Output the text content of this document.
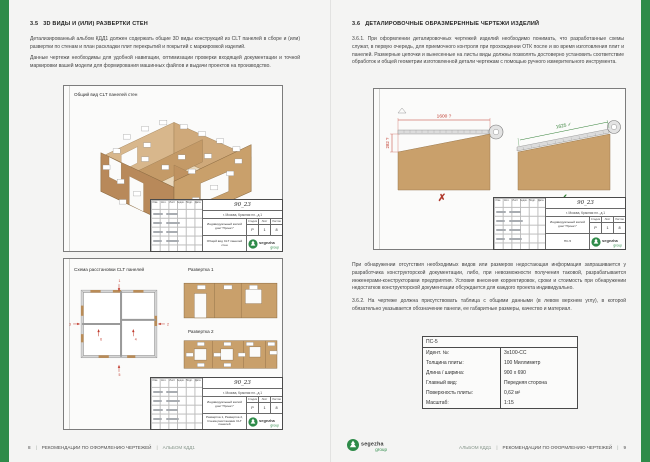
3.5 3D ВИДЫ И (ИЛИ) РАЗВЕРТКИ СТЕН
Детализированный альбом КДД1 должен содержать общие 3D виды конструкций из CLT панелей в сборе и (или) развертки по стенам и план раскладки плит перекрытий и покрытий с маркировкой изделий.
Данные чертежи необходимы для удобной навигации, оптимизации проверки входящей документации и точной маркировки вашей модели для формирования машинных файлов и выдачи проектов на производство.
Общий вид CLT панелей стен
Изм.	Кол.	Лист №док. Подп. Дата	90_23
г. Москва, Красная пл., д.1
Индивидуальный жилой дом "Проект"
Стадия	Лист	Листов
Р	1	8
Общий вид CLT панелей стен	segezha
group
Схема расстановки CLT панелей
1
2
3
4
5
6
Развертка 1
Развертка 2
Изм.	Кол.	Лист №док. Подп. Дата	90_23
г. Москва, Красная пл., д.1
Индивидуальный жилой дом "Проект"
Стадия	Лист	Листов
Р	1	8
Развертка 1, Развертка 2, Схема расстановки CLT панелей
segezha
group
8 | РЕКОМЕНДАЦИИ ПО ОФОРМЛЕНИЮ ЧЕРТЕЖЕЙ | АЛЬБОМ КДД1
3.6 ДЕТАЛИРОВОЧНЫЕ ОБРАЗМЕРЕННЫЕ ЧЕРТЕЖИ ИЗДЕЛИЙ
3.6.1. При оформлении деталировочных чертежей изделий необходимо понимать, что разработанные схемы служат, в первую очередь, для приемочного контроля при прохождении ОТК после и во время изготовления плит и панелей. Размерные цепочки и вынесенные на листы виды должны позволять достоверно установить соответствие обработок и общей геометрии изготовленной детали чертежам с помощью ручного измерительного инструмента.
1600 ?
282 ?
✗
1625 ✓
Изм.	Кол.	Лист №док. Подп. Дата	90_23
г. Москва, Красная пл., д.1
Индивидуальный жилой дом "Проект"
Стадия	Лист	Листов
Р	1	8
ПС-5	segezha
group
При обнаружении отсутствия необходимых видов или размеров недостающая информация запрашивается у разработчика конструкторской документации, либо, при невозможности получения таковой, разрабатывается инженерами-конструкторами предприятия. Условия внесения корректировок, сроки и стоимость при обнаружении недостатков конструкторской документации обсуждается для каждого проекта индивидуально.
3.6.2. На чертеже должна присутствовать таблица с общими данными (в левом верхнем углу), в которой обязательно указывается обозначение панели, ее габаритные размеры, качество и материал.
ПС-5	
Идент. №:	3x100-CC
Толщина плиты:	100 Миллиметр
Длина / ширина:	900 x 690
Главный вид:	Передняя сторона
Поверхность плиты:	0,62 м²
Масштаб:	1:15
segezha
group	АЛЬБОМ КДД1 | РЕКОМЕНДАЦИИ ПО ОФОРМЛЕНИЮ ЧЕРТЕЖЕЙ | 9
